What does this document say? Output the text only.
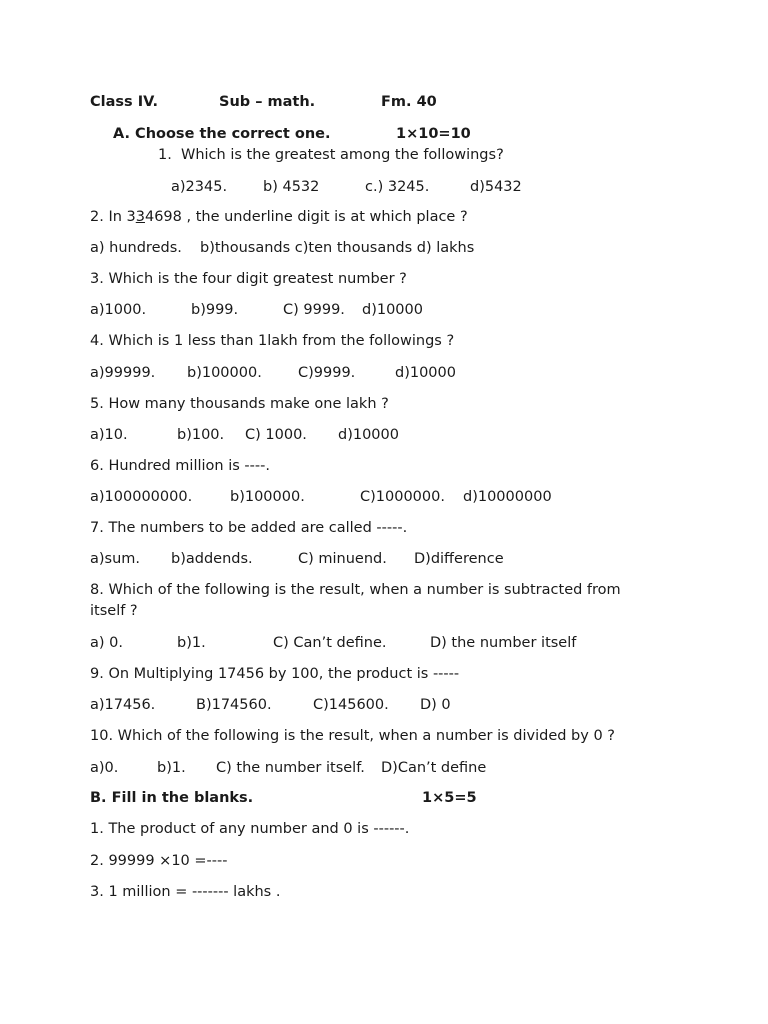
Class IV.	Sub – math.	Fm. 40
A. Choose the correct one.	1×10=10
1. Which is the greatest among the followings?
a)2345. b) 4532	c.) 3245.	d)5432
2. In 334698 , the underline digit is at which place ?
a) hundreds. b)thousands c)ten thousands d) lakhs
3. Which is the four digit greatest number ?
a)1000.	b)999.	C) 9999. d)10000
4. Which is 1 less than 1lakh from the followings ?
a)99999. b)100000. C)9999.	d)10000
5. How many thousands make one lakh ?
a)10.	b)100. C) 1000. d)10000
6. Hundred million is ----.
a)100000000.	b)100000.	C)1000000. d)10000000
7. The numbers to be added are called -----.
a)sum. b)addends.	C) minuend. D)difference
8. Which of the following is the result, when a number is subtracted from
itself ?
a) 0.	b)1.	C) Can’t define.	D) the number itself
9. On Multiplying 17456 by 100, the product is -----
a)17456.	B)174560.	C)145600. D) 0
10. Which of the following is the result, when a number is divided by 0 ?
a)0.	b)1. C) the number itself. D)Can’t define
B. Fill in the blanks.	1×5=5
1. The product of any number and 0 is ------.
2. 99999 ×10 =----
3. 1 million = ------- lakhs .
